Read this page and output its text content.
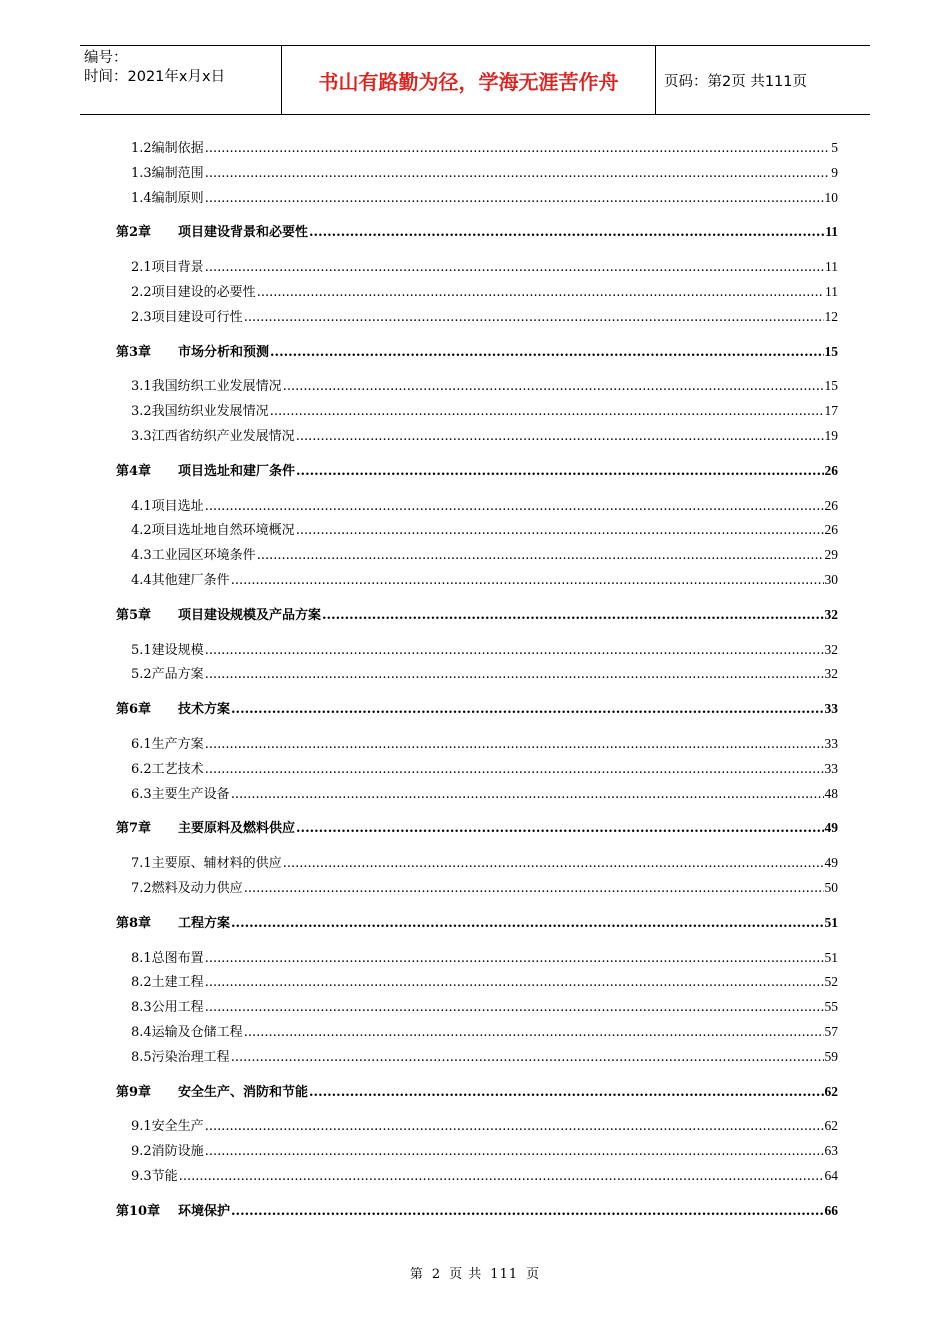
编号：
时间：2021年x月x日	书山有路勤为径，学海无涯苦作舟	页码：第2页 共111页
1.2编制依据 .....	5
1.3编制范围 .....	9
1.4编制原则 .....	10
第2章 项目建设背景和必要性 .....	11
2.1项目背景 .....	11
2.2项目建设的必要性 .....	11
2.3项目建设可行性 .....	12
第3章 市场分析和预测 .....	15
3.1我国纺织工业发展情况 .....	15
3.2我国纺织业发展情况 .....	17
3.3江西省纺织产业发展情况 .....	19
第4章 项目选址和建厂条件 .....	26
4.1项目选址 .....	26
4.2项目选址地自然环境概况 .....	26
4.3工业园区环境条件 .....	29
4.4其他建厂条件 .....	30
第5章 项目建设规模及产品方案 .....	32
5.1建设规模 .....	32
5.2产品方案 .....	32
第6章 技术方案 .....	33
6.1生产方案 .....	33
6.2工艺技术 .....	33
6.3主要生产设备 .....	48
第7章 主要原料及燃料供应 .....	49
7.1主要原、辅材料的供应 .....	49
7.2燃料及动力供应 .....	50
第8章 工程方案 .....	51
8.1总图布置 .....	51
8.2土建工程 .....	52
8.3公用工程 .....	55
8.4运输及仓储工程 .....	57
8.5污染治理工程 .....	59
第9章 安全生产、消防和节能 .....	62
9.1安全生产 .....	62
9.2消防设施 .....	63
9.3节能 .....	64
第10章 环境保护 .....	66
第 2 页 共 111 页
